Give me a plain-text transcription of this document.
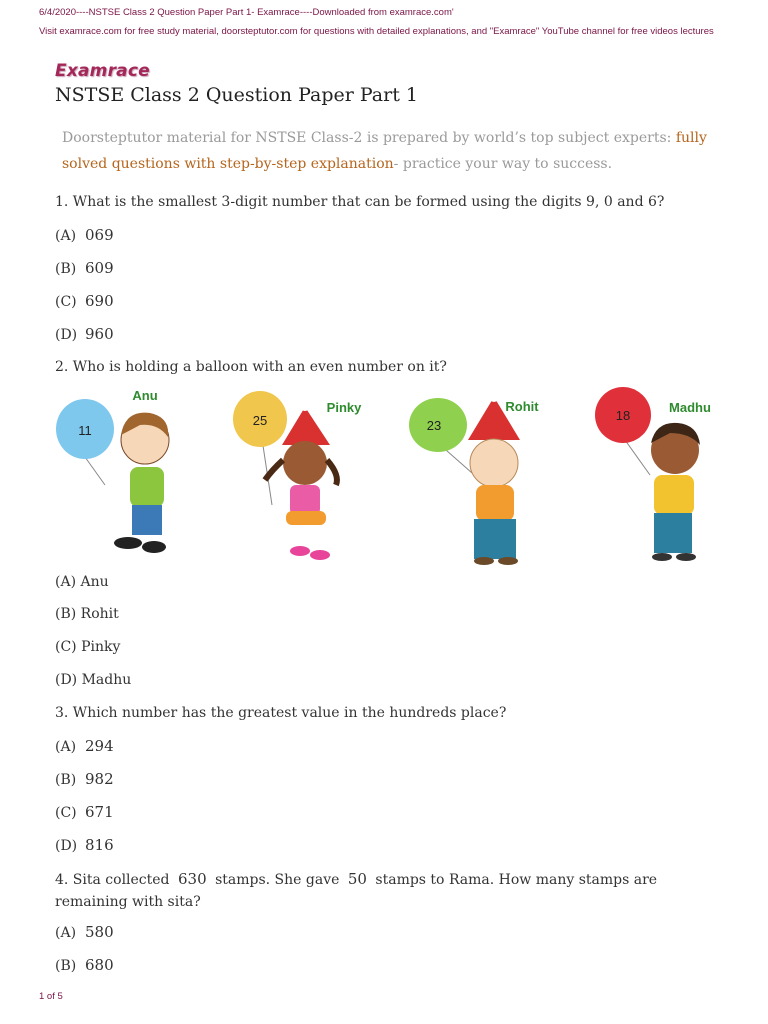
6/4/2020----NSTSE Class 2 Question Paper Part 1- Examrace----Downloaded from examrace.com'
Visit examrace.com for free study material, doorsteptutor.com for questions with detailed explanations, and "Examrace" YouTube channel for free videos lectures
Examrace
NSTSE Class 2 Question Paper Part 1
Doorsteptutor material for NSTSE Class-2 is prepared by world’s top subject experts: fully solved questions with step-by-step explanation- practice your way to success.
1. What is the smallest 3-digit number that can be formed using the digits 9, 0 and 6?
(A) 069
(B) 609
(C) 690
(D) 960
2. Who is holding a balloon with an even number on it?
11
Anu
25
Pinky
23
Rohit
18
Madhu
(A) Anu
(B) Rohit
(C) Pinky
(D) Madhu
3. Which number has the greatest value in the hundreds place?
(A) 294
(B) 982
(C) 671
(D) 816
4. Sita collected 630 stamps. She gave 50 stamps to Rama. How many stamps are remaining with sita?
(A) 580
(B) 680
1 of 5
